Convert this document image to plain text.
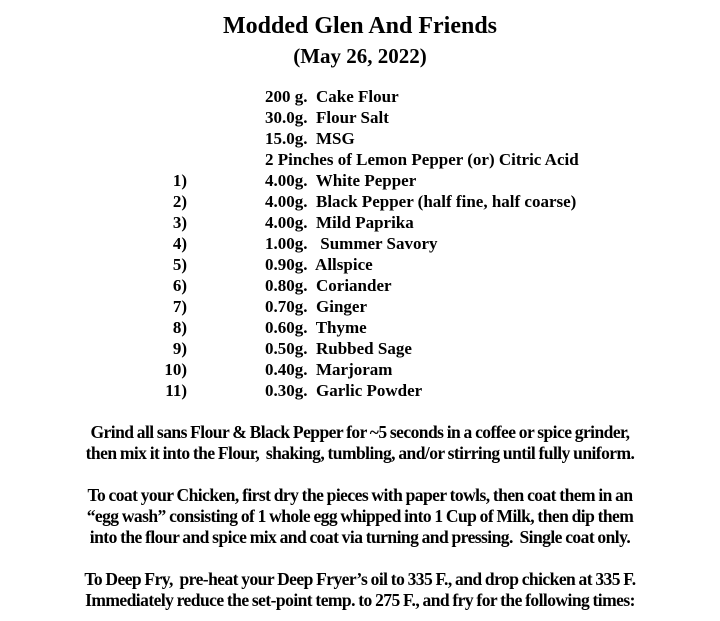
Modded Glen And Friends
(May 26, 2022)
200 g.  Cake Flour
30.0g.  Flour Salt
15.0g.  MSG
2 Pinches of Lemon Pepper (or) Citric Acid
1)	4.00g.  White Pepper
2)	4.00g.  Black Pepper (half fine, half coarse)
3)	4.00g.  Mild Paprika
4)	1.00g.   Summer Savory
5)	0.90g.  Allspice
6)	0.80g.  Coriander
7)	0.70g.  Ginger
8)	0.60g.  Thyme
9)	0.50g.  Rubbed Sage
10)	0.40g.  Marjoram
11)	0.30g.  Garlic Powder
Grind all sans Flour & Black Pepper for ~5 seconds in a coffee or spice grinder,
then mix it into the Flour,  shaking, tumbling, and/or stirring until fully uniform.
To coat your Chicken, first dry the pieces with paper towls, then coat them in an
“egg wash” consisting of 1 whole egg whipped into 1 Cup of Milk, then dip them
into the flour and spice mix and coat via turning and pressing.  Single coat only.
To Deep Fry,  pre-heat your Deep Fryer’s oil to 335 F., and drop chicken at 335 F.
Immediately reduce the set-point temp. to 275 F., and fry for the following times:
